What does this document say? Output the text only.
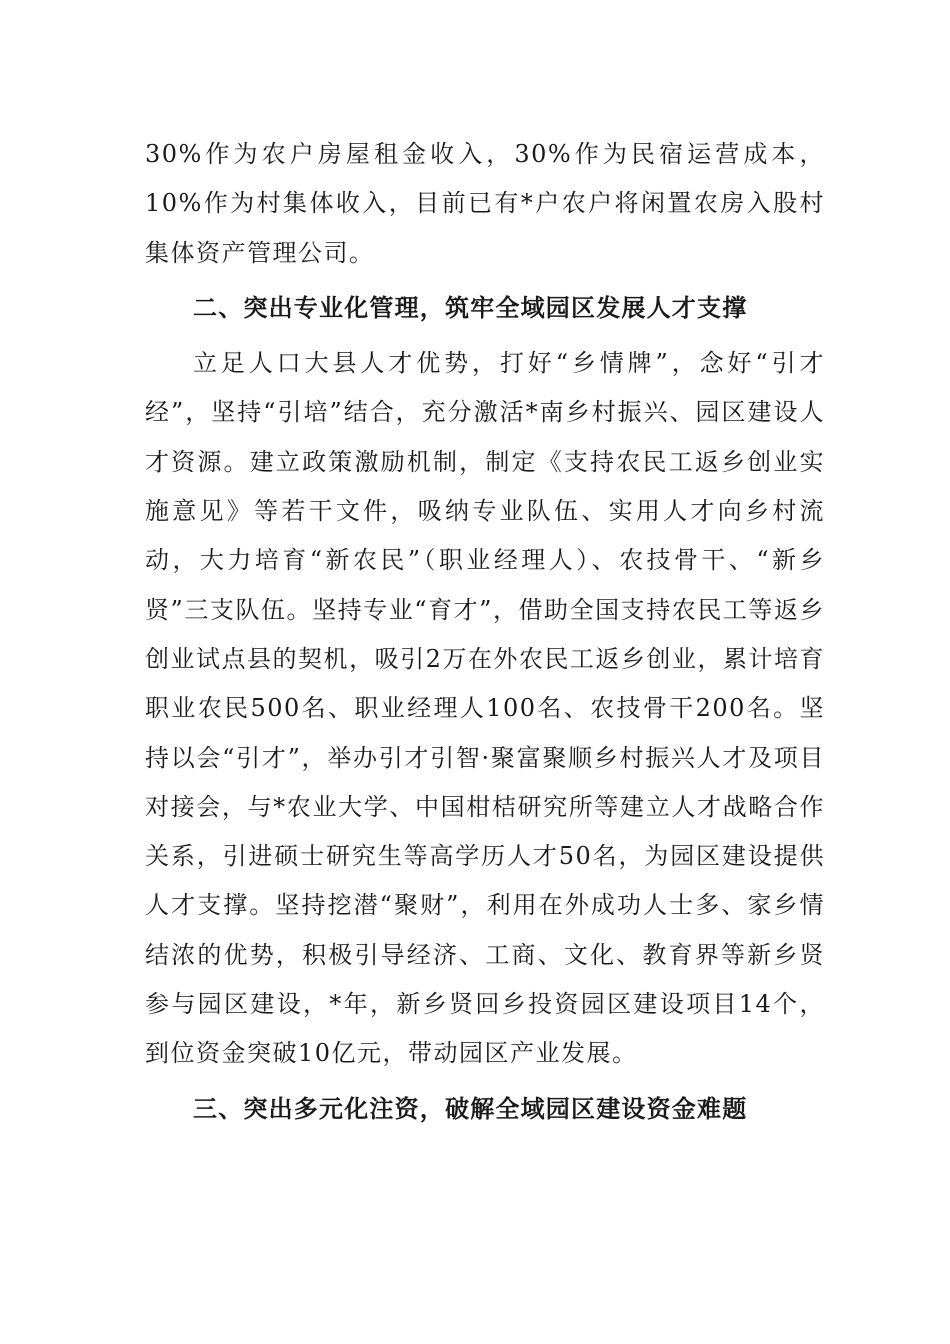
30%作为农户房屋租金收入，30%作为民宿运营成本，10%作为村集体收入，目前已有*户农户将闲置农房入股村集体资产管理公司。

二、突出专业化管理，筑牢全域园区发展人才支撑

立足人口大县人才优势，打好“乡情牌”，念好“引才经”，坚持“引培”结合，充分激活*南乡村振兴、园区建设人才资源。建立政策激励机制，制定《支持农民工返乡创业实施意见》等若干文件，吸纳专业队伍、实用人才向乡村流动，大力培育“新农民”（职业经理人）、农技骨干、“新乡贤”三支队伍。坚持专业“育才”，借助全国支持农民工等返乡创业试点县的契机，吸引2万在外农民工返乡创业，累计培育职业农民500名、职业经理人100名、农技骨干200名。坚持以会“引才”，举办引才引智·聚富聚顺乡村振兴人才及项目对接会，与*农业大学、中国柑桔研究所等建立人才战略合作关系，引进硕士研究生等高学历人才50名，为园区建设提供人才支撑。坚持挖潜“聚财”，利用在外成功人士多、家乡情结浓的优势，积极引导经济、工商、文化、教育界等新乡贤参与园区建设，*年，新乡贤回乡投资园区建设项目14个，到位资金突破10亿元，带动园区产业发展。

三、突出多元化注资，破解全域园区建设资金难题
